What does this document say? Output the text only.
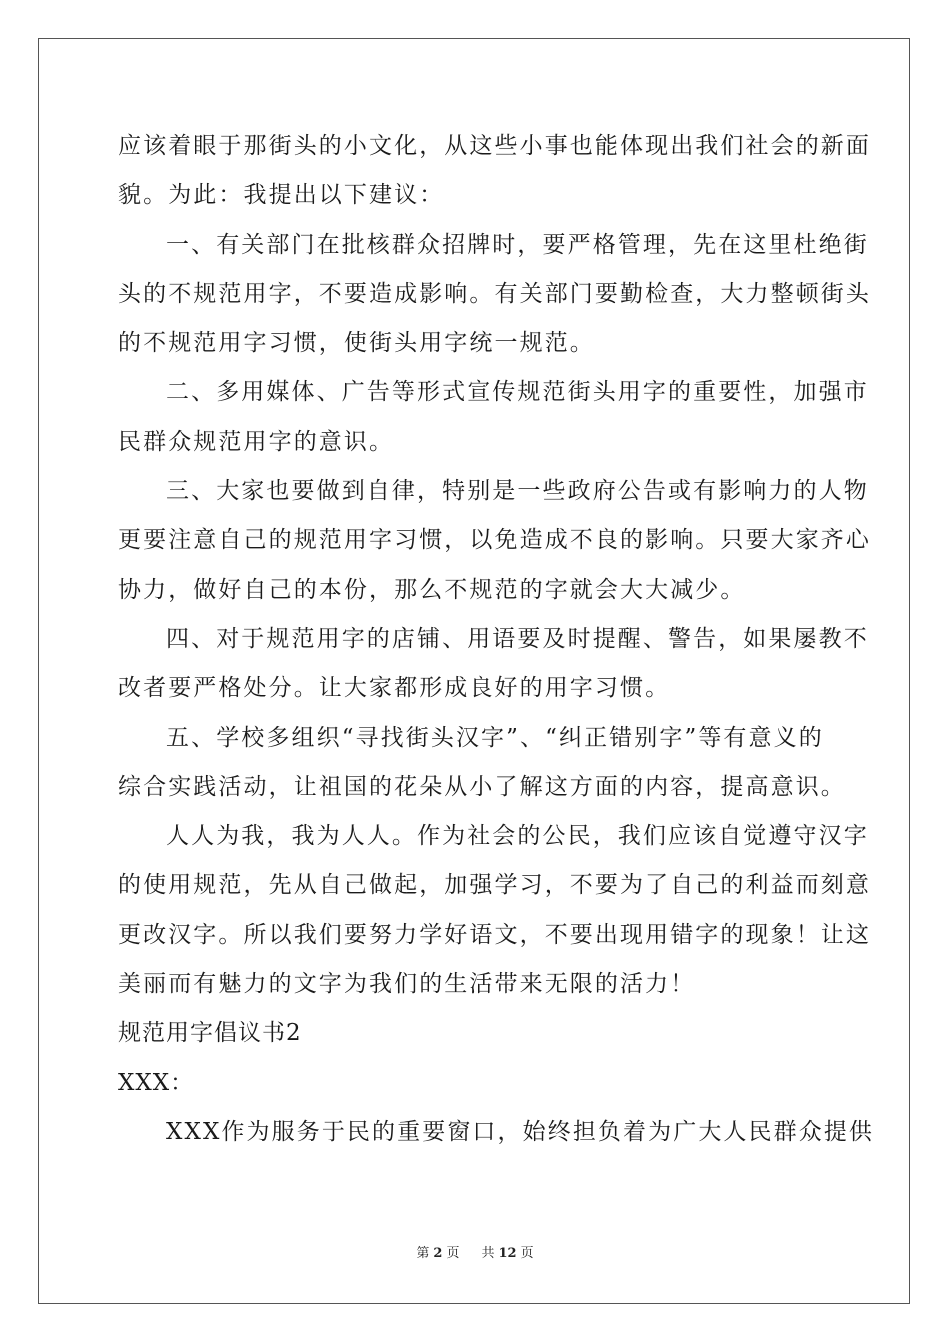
应该着眼于那街头的小文化，从这些小事也能体现出我们社会的新面
貌。为此：我提出以下建议：
一、有关部门在批核群众招牌时，要严格管理，先在这里杜绝街
头的不规范用字，不要造成影响。有关部门要勤检查，大力整顿街头
的不规范用字习惯，使街头用字统一规范。
二、多用媒体、广告等形式宣传规范街头用字的重要性，加强市
民群众规范用字的意识。
三、大家也要做到自律，特别是一些政府公告或有影响力的人物
更要注意自己的规范用字习惯，以免造成不良的影响。只要大家齐心
协力，做好自己的本份，那么不规范的字就会大大减少。
四、对于规范用字的店铺、用语要及时提醒、警告，如果屡教不
改者要严格处分。让大家都形成良好的用字习惯。
五、学校多组织“寻找街头汉字”、“纠正错别字”等有意义的
综合实践活动，让祖国的花朵从小了解这方面的内容，提高意识。
人人为我，我为人人。作为社会的公民，我们应该自觉遵守汉字
的使用规范，先从自己做起，加强学习，不要为了自己的利益而刻意
更改汉字。所以我们要努力学好语文，不要出现用错字的现象！让这
美丽而有魅力的文字为我们的生活带来无限的活力！
规范用字倡议书2
XXX：
XXX作为服务于民的重要窗口，始终担负着为广大人民群众提供
第 2 页 共 12 页
